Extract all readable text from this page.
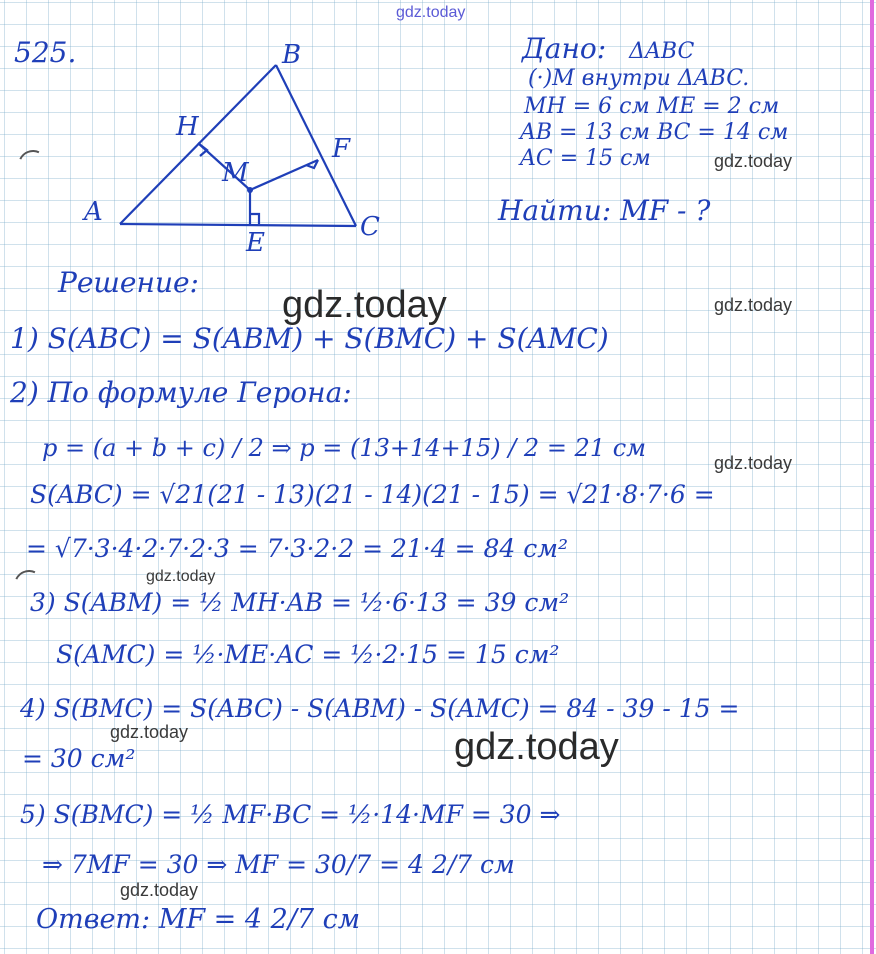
gdz.today
gdz.today
gdz.today
gdz.today
gdz.today
gdz.today
gdz.today
gdz.today
gdz.today
525.
A
B
C
H
F
M
E
Дано: ΔABC
(·)M внутри ΔABC.
MH = 6 см ME = 2 см
AB = 13 см BC = 14 см
AC = 15 см
Найти: MF - ?
Решение:
1) S(ABC) = S(ABM) + S(BMC) + S(AMC)
2) По формуле Герона:
p = (a + b + c) / 2 ⇒ p = (13+14+15) / 2 = 21 см
S(ABC) = √21(21 - 13)(21 - 14)(21 - 15) = √21·8·7·6 =
= √7·3·4·2·7·2·3 = 7·3·2·2 = 21·4 = 84 см²
3) S(ABM) = ½ MH·AB = ½·6·13 = 39 см²
S(AMC) = ½·ME·AC = ½·2·15 = 15 см²
4) S(BMC) = S(ABC) - S(ABM) - S(AMC) = 84 - 39 - 15 =
= 30 см²
5) S(BMC) = ½ MF·BC = ½·14·MF = 30 ⇒
⇒ 7MF = 30 ⇒ MF = 30/7 = 4 2/7 см
Ответ: MF = 4 2/7 см
